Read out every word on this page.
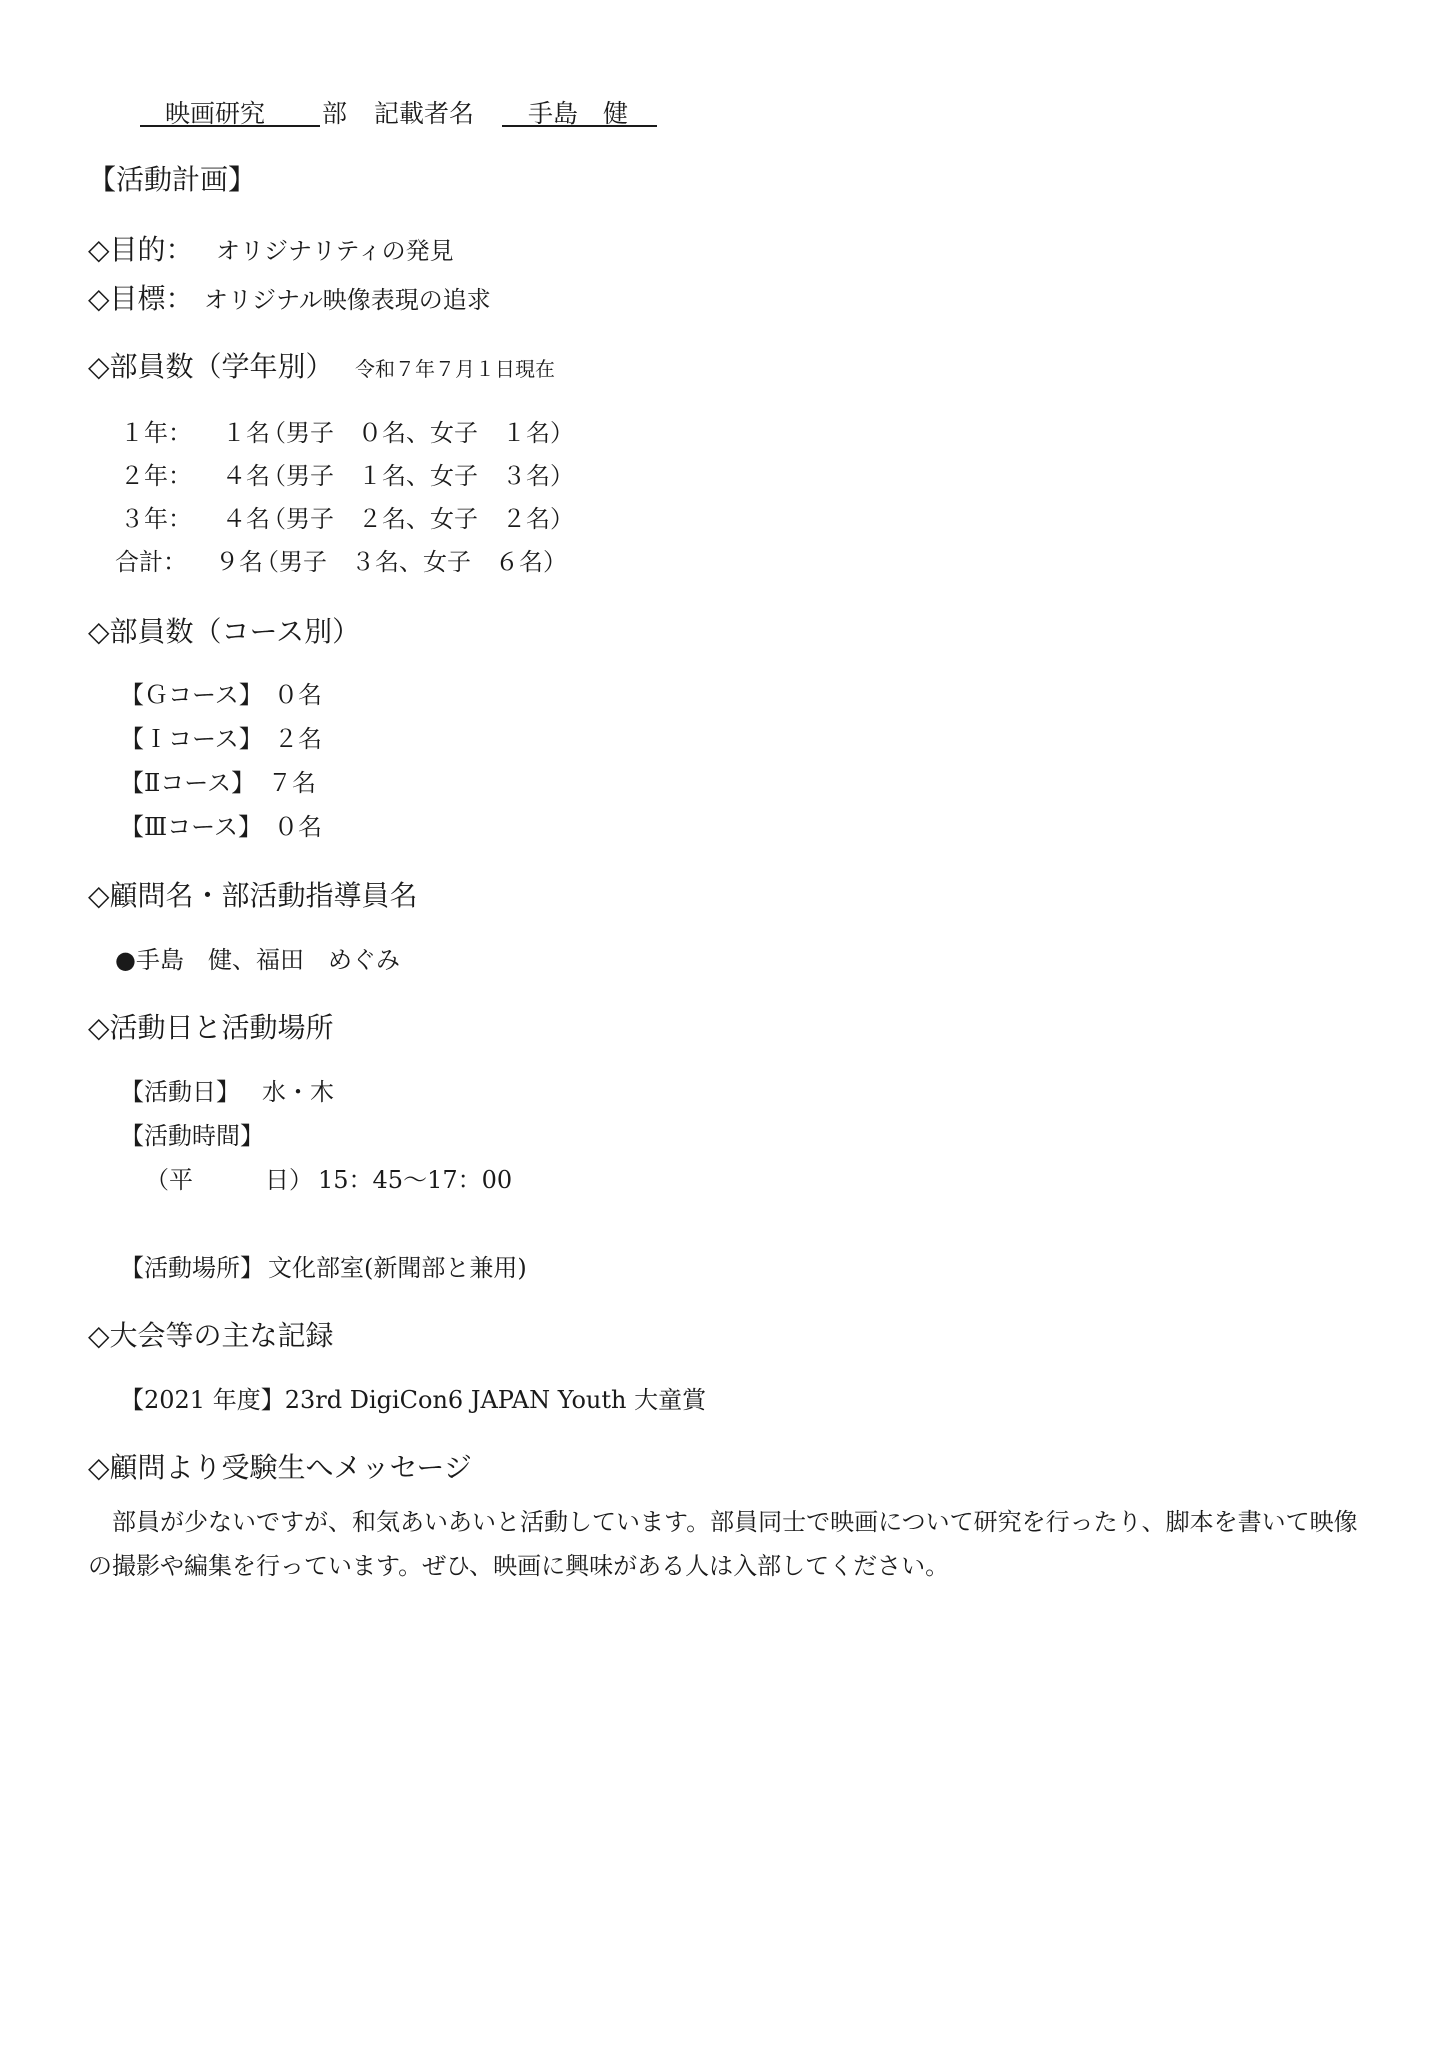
映画研究 部 記載者名 手島　健
【活動計画】
◇目的： オリジナリティの発見
◇目標： オリジナル映像表現の追求
◇部員数（学年別） 令和７年７月１日現在
１年： １名
（男子　０名、女子　１名）
２年： ４名
（男子　１名、女子　３名）
３年： ４名
（男子　２名、女子　２名）
合計： ９名
（男子　３名、女子　６名）
◇部員数（コース別）
【Ｇコース】 ０名
【Ｉコース】 ２名
【Ⅱコース】 ７名
【Ⅲコース】 ０名
◇顧問名・部活動指導員名
●手島　健、福田　めぐみ
◇活動日と活動場所
【活動日】 水・木
【活動時間】
（平　　　日） 15：45〜17：00
【活動場所】 文化部室(新聞部と兼用)
◇大会等の主な記録
【2021 年度】23rd DigiCon6 JAPAN Youth 大童賞
◇顧問より受験生へメッセージ
　部員が少ないですが、和気あいあいと活動しています。部員同士で映画について研究を行ったり、脚本を書いて映像の撮影や編集を行っています。ぜひ、映画に興味がある人は入部してください。
